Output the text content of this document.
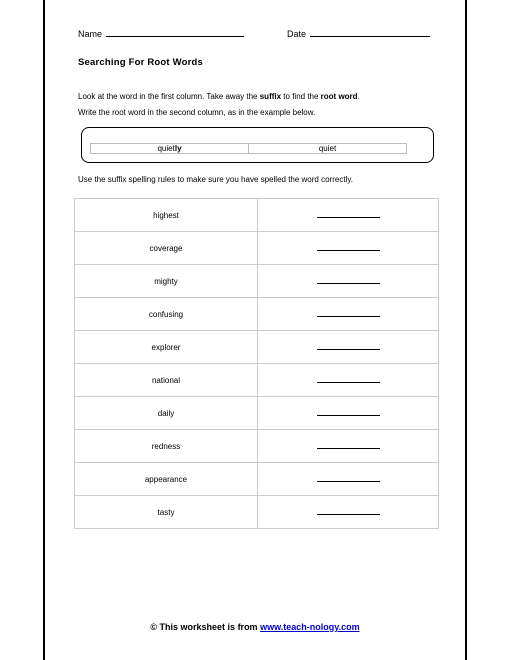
Name	Date
Searching For Root Words
Look at the word in the first column. Take away the suffix to find the root word.
Write the root word in the second column, as in the example below.
quietly	quiet
Use the suffix spelling rules to make sure you have spelled the word correctly.
highest
coverage
mighty
confusing
explorer
national
daily
redness
appearance
tasty
© This worksheet is from www.teach-nology.com
